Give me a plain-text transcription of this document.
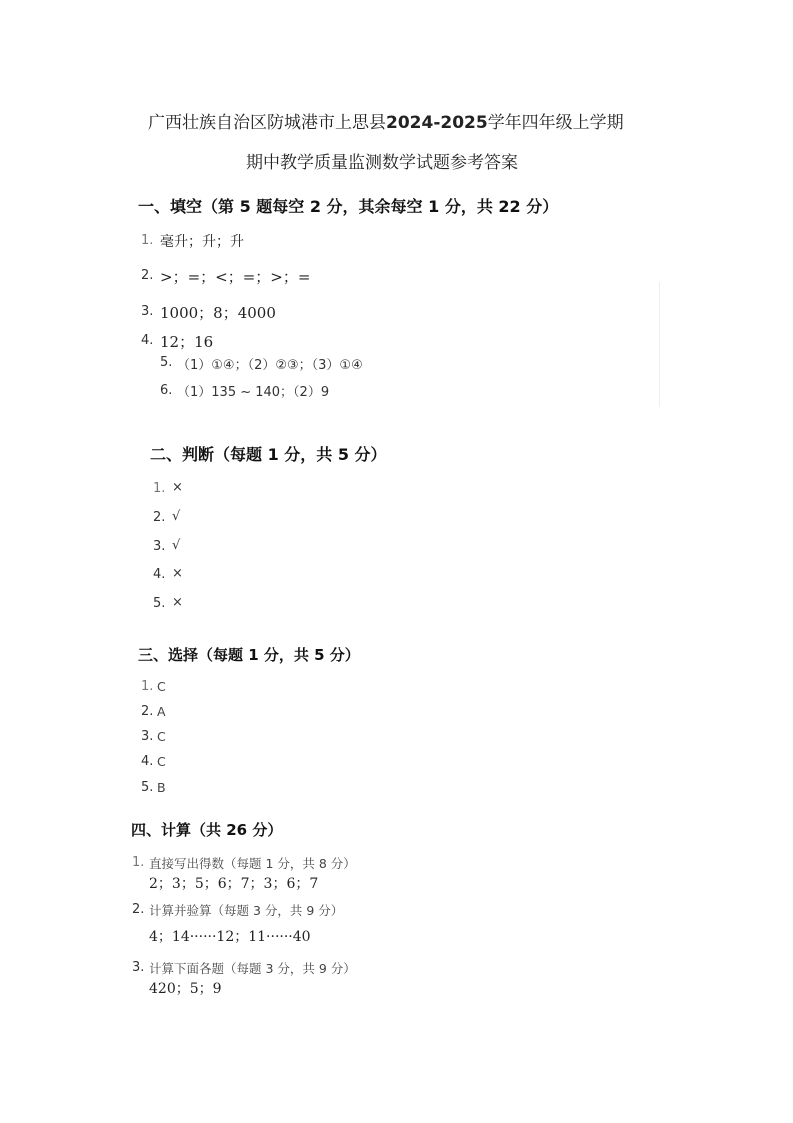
广西壮族自治区防城港市上思县2024-2025学年四年级上学期
期中教学质量监测数学试题参考答案
一、填空（第 5 题每空 2 分，其余每空 1 分，共 22 分）
1. 毫升；升；升
2. >；=；<；=；>；=
3. 1000；8；4000
4. 12；16
5. （1）①④；（2）②③；（3）①④
6. （1）135 ~ 140；（2）9
二、判断（每题 1 分，共 5 分）
1. ×
2. √
3. √
4. ×
5. ×
三、选择（每题 1 分，共 5 分）
1. C
2. A
3. C
4. C
5. B
四、计算（共 26 分）
1. 直接写出得数（每题 1 分，共 8 分）
2；3；5；6；7；3；6；7
2. 计算并验算（每题 3 分，共 9 分）
4；14······12；11······40
3. 计算下面各题（每题 3 分，共 9 分）
420；5；9
